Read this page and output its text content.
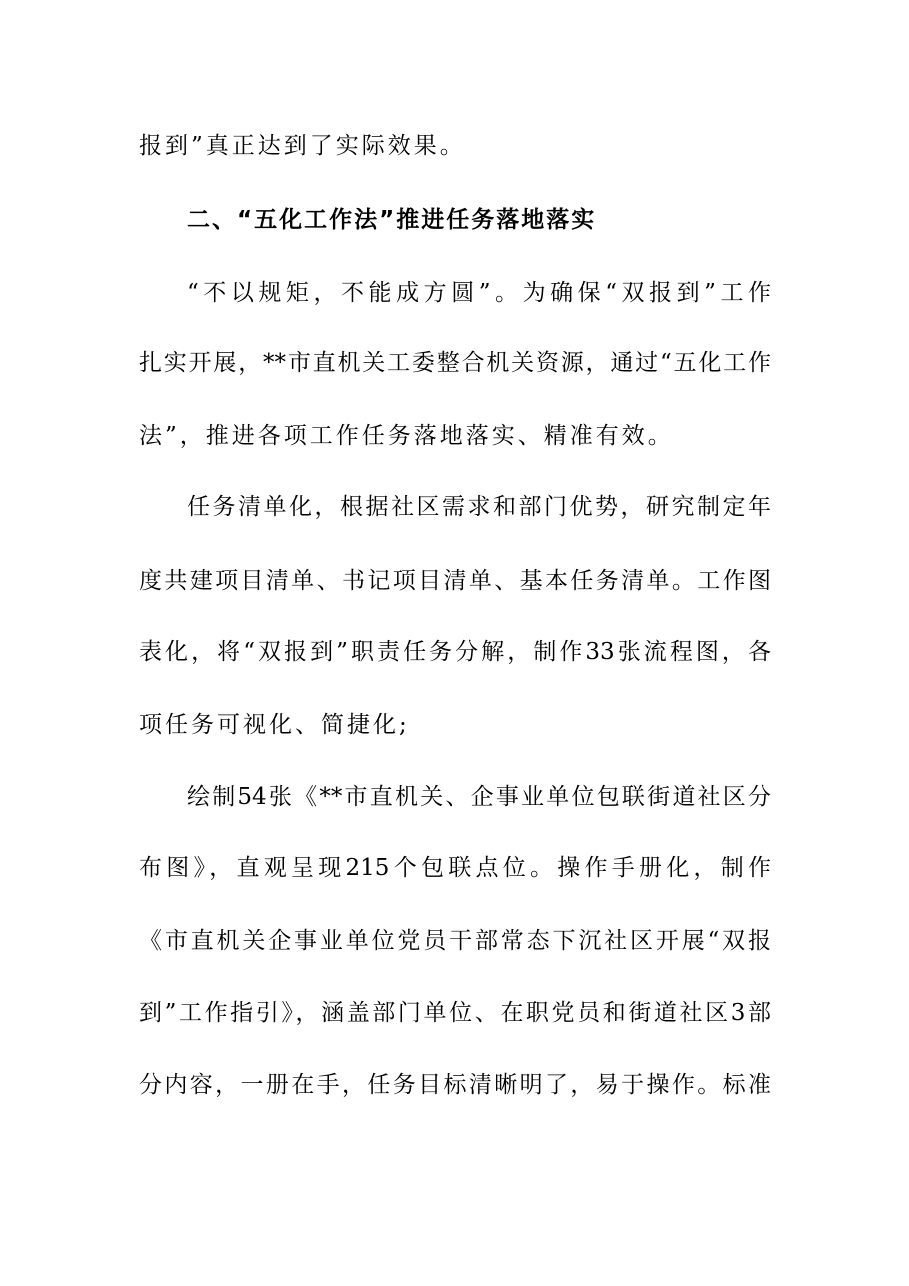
报到”真正达到了实际效果。
二、“五化工作法”推进任务落地落实
“不以规矩，不能成方圆”。为确保“双报到”工作
扎实开展，**市直机关工委整合机关资源，通过“五化工作
法”，推进各项工作任务落地落实、精准有效。
任务清单化，根据社区需求和部门优势，研究制定年
度共建项目清单、书记项目清单、基本任务清单。工作图
表化，将“双报到”职责任务分解，制作33张流程图，各
项任务可视化、简捷化;
绘制54张《**市直机关、企事业单位包联街道社区分
布图》，直观呈现215个包联点位。操作手册化，制作
《市直机关企事业单位党员干部常态下沉社区开展“双报
到”工作指引》，涵盖部门单位、在职党员和街道社区3部
分内容，一册在手，任务目标清晰明了，易于操作。标准
